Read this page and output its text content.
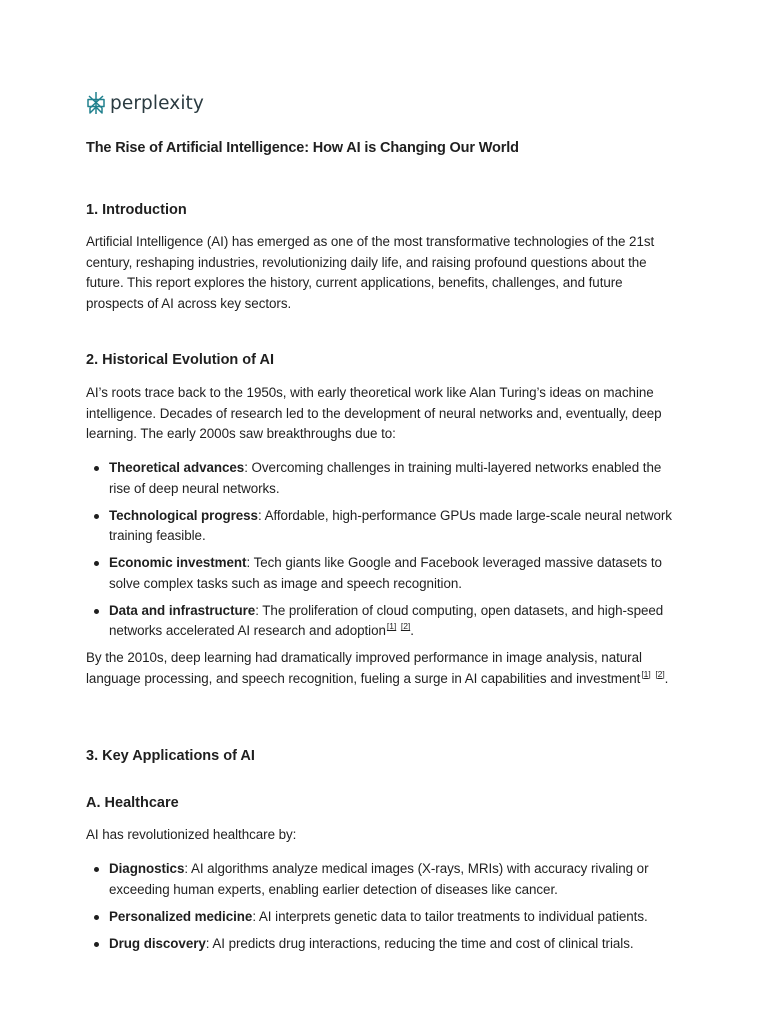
perplexity
The Rise of Artificial Intelligence: How AI is Changing Our World
1. Introduction

Artificial Intelligence (AI) has emerged as one of the most transformative technologies of the 21st century, reshaping industries, revolutionizing daily life, and raising profound questions about the future. This report explores the history, current applications, benefits, challenges, and future prospects of AI across key sectors.

2. Historical Evolution of AI

AI’s roots trace back to the 1950s, with early theoretical work like Alan Turing’s ideas on machine intelligence. Decades of research led to the development of neural networks and, eventually, deep learning. The early 2000s saw breakthroughs due to:

Theoretical advances: Overcoming challenges in training multi-layered networks enabled the rise of deep neural networks.
Technological progress: Affordable, high-performance GPUs made large-scale neural network training feasible.
Economic investment: Tech giants like Google and Facebook leveraged massive datasets to solve complex tasks such as image and speech recognition.
Data and infrastructure: The proliferation of cloud computing, open datasets, and high-speed networks accelerated AI research and adoption[1] [2].

By the 2010s, deep learning had dramatically improved performance in image analysis, natural language processing, and speech recognition, fueling a surge in AI capabilities and investment[1] [2].

3. Key Applications of AI
A. Healthcare

AI has revolutionized healthcare by:

Diagnostics: AI algorithms analyze medical images (X-rays, MRIs) with accuracy rivaling or exceeding human experts, enabling earlier detection of diseases like cancer.
Personalized medicine: AI interprets genetic data to tailor treatments to individual patients.
Drug discovery: AI predicts drug interactions, reducing the time and cost of clinical trials.
